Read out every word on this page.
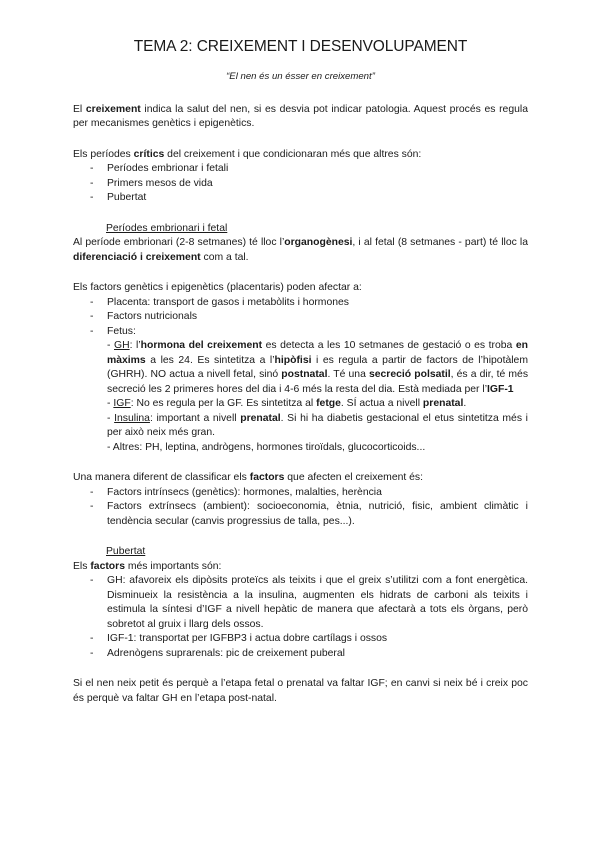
TEMA 2: CREIXEMENT I DESENVOLUPAMENT

“El nen és un ésser en creixement”

El creixement indica la salut del nen, si es desvia pot indicar patologia. Aquest procés es regula per mecanismes genètics i epigenètics.

Els períodes crítics del creixement i que condicionaran més que altres són:

- Períodes embrionar i fetali
- Primers mesos de vida
- Pubertat

Períodes embrionari i fetal

Al període embrionari (2-8 setmanes) té lloc l’organogènesi, i al fetal (8 setmanes - part) té lloc la diferenciació i creixement com a tal.

Els factors genètics i epigenètics (placentaris) poden afectar a:

- Placenta: transport de gasos i metabòlits i hormones
- Factors nutricionals
- Fetus:
- GH: l’hormona del creixement es detecta a les 10 setmanes de gestació o es troba en màxims a les 24. Es sintetitza a l’hipòfisi i es regula a partir de factors de l’hipotàlem (GHRH). NO actua a nivell fetal, sinó postnatal. Té una secreció polsatil, és a dir, té més secreció les 2 primeres hores del dia i 4-6 més la resta del dia. Està mediada per l’IGF-1
- IGF: No es regula per la GF. Es sintetitza al fetge. SÍ actua a nivell prenatal.
- Insulina: important a nivell prenatal. Si hi ha diabetis gestacional el etus sintetitza més i per això neix més gran.
- Altres: PH, leptina, andrògens, hormones tiroïdals, glucocorticoids...

Una manera diferent de classificar els factors que afecten el creixement és:

- Factors intrínsecs (genètics): hormones, malalties, herència
- Factors extrínsecs (ambient): socioeconomia, ètnia, nutrició, fisic, ambient climàtic i tendència secular (canvis progressius de talla, pes...).

Pubertat

Els factors més importants són:

- GH: afavoreix els dipòsits proteïcs als teixits i que el greix s’utilitzi com a font energètica. Disminueix la resistència a la insulina, augmenten els hidrats de carboni als teixits i estimula la síntesi d’IGF a nivell hepàtic de manera que afectarà a tots els òrgans, però sobretot al gruix i llarg dels ossos.
- IGF-1: transportat per IGFBP3 i actua dobre cartílags i ossos
- Adrenògens suprarenals: pic de creixement puberal

Si el nen neix petit és perquè a l’etapa fetal o prenatal va faltar IGF; en canvi si neix bé i creix poc és perquè va faltar GH en l’etapa post-natal.
